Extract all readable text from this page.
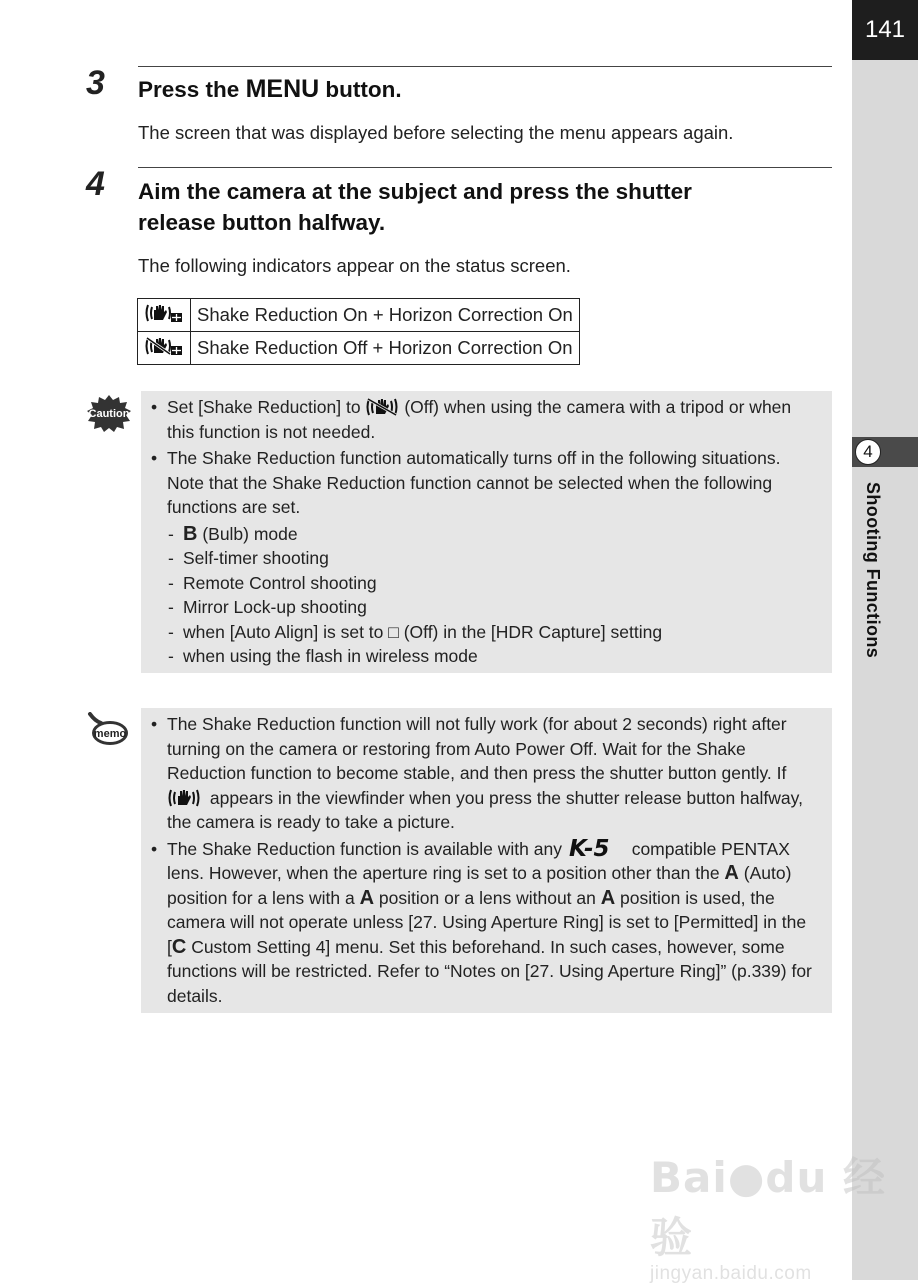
141
4
Shooting Functions
3 Press the MENU button.
The screen that was displayed before selecting the menu appears again.
4 Aim the camera at the subject and press the shutter
release button halfway.
The following indicators appear on the status screen.
	Shake Reduction On + Horizon Correction On
	Shake Reduction Off + Horizon Correction On
Caution	• Set [Shake Reduction] to  (Off) when using the camera with a tripod or when this function is not needed.
• The Shake Reduction function automatically turns off in the following situations. Note that the Shake Reduction function cannot be selected when the following functions are set.
- B (Bulb) mode
- Self-timer shooting
- Remote Control shooting
- Mirror Lock-up shooting
- when [Auto Align] is set to □ (Off) in the [HDR Capture] setting
- when using the flash in wireless mode
memo	• The Shake Reduction function will not fully work (for about 2 seconds) right after turning on the camera or restoring from Auto Power Off. Wait for the Shake Reduction function to become stable, and then press the shutter button gently. If  appears in the viewfinder when you press the shutter release button halfway, the camera is ready to take a picture.
• The Shake Reduction function is available with any K-5 compatible PENTAX lens. However, when the aperture ring is set to a position other than the A (Auto) position for a lens with a A position or a lens without an A position is used, the camera will not operate unless [27. Using Aperture Ring] is set to [Permitted] in the [C Custom Setting 4] menu. Set this beforehand. In such cases, however, some functions will be restricted. Refer to “Notes on [27. Using Aperture Ring]” (p.339) for details.
Bai●du 经验
jingyan.baidu.com
